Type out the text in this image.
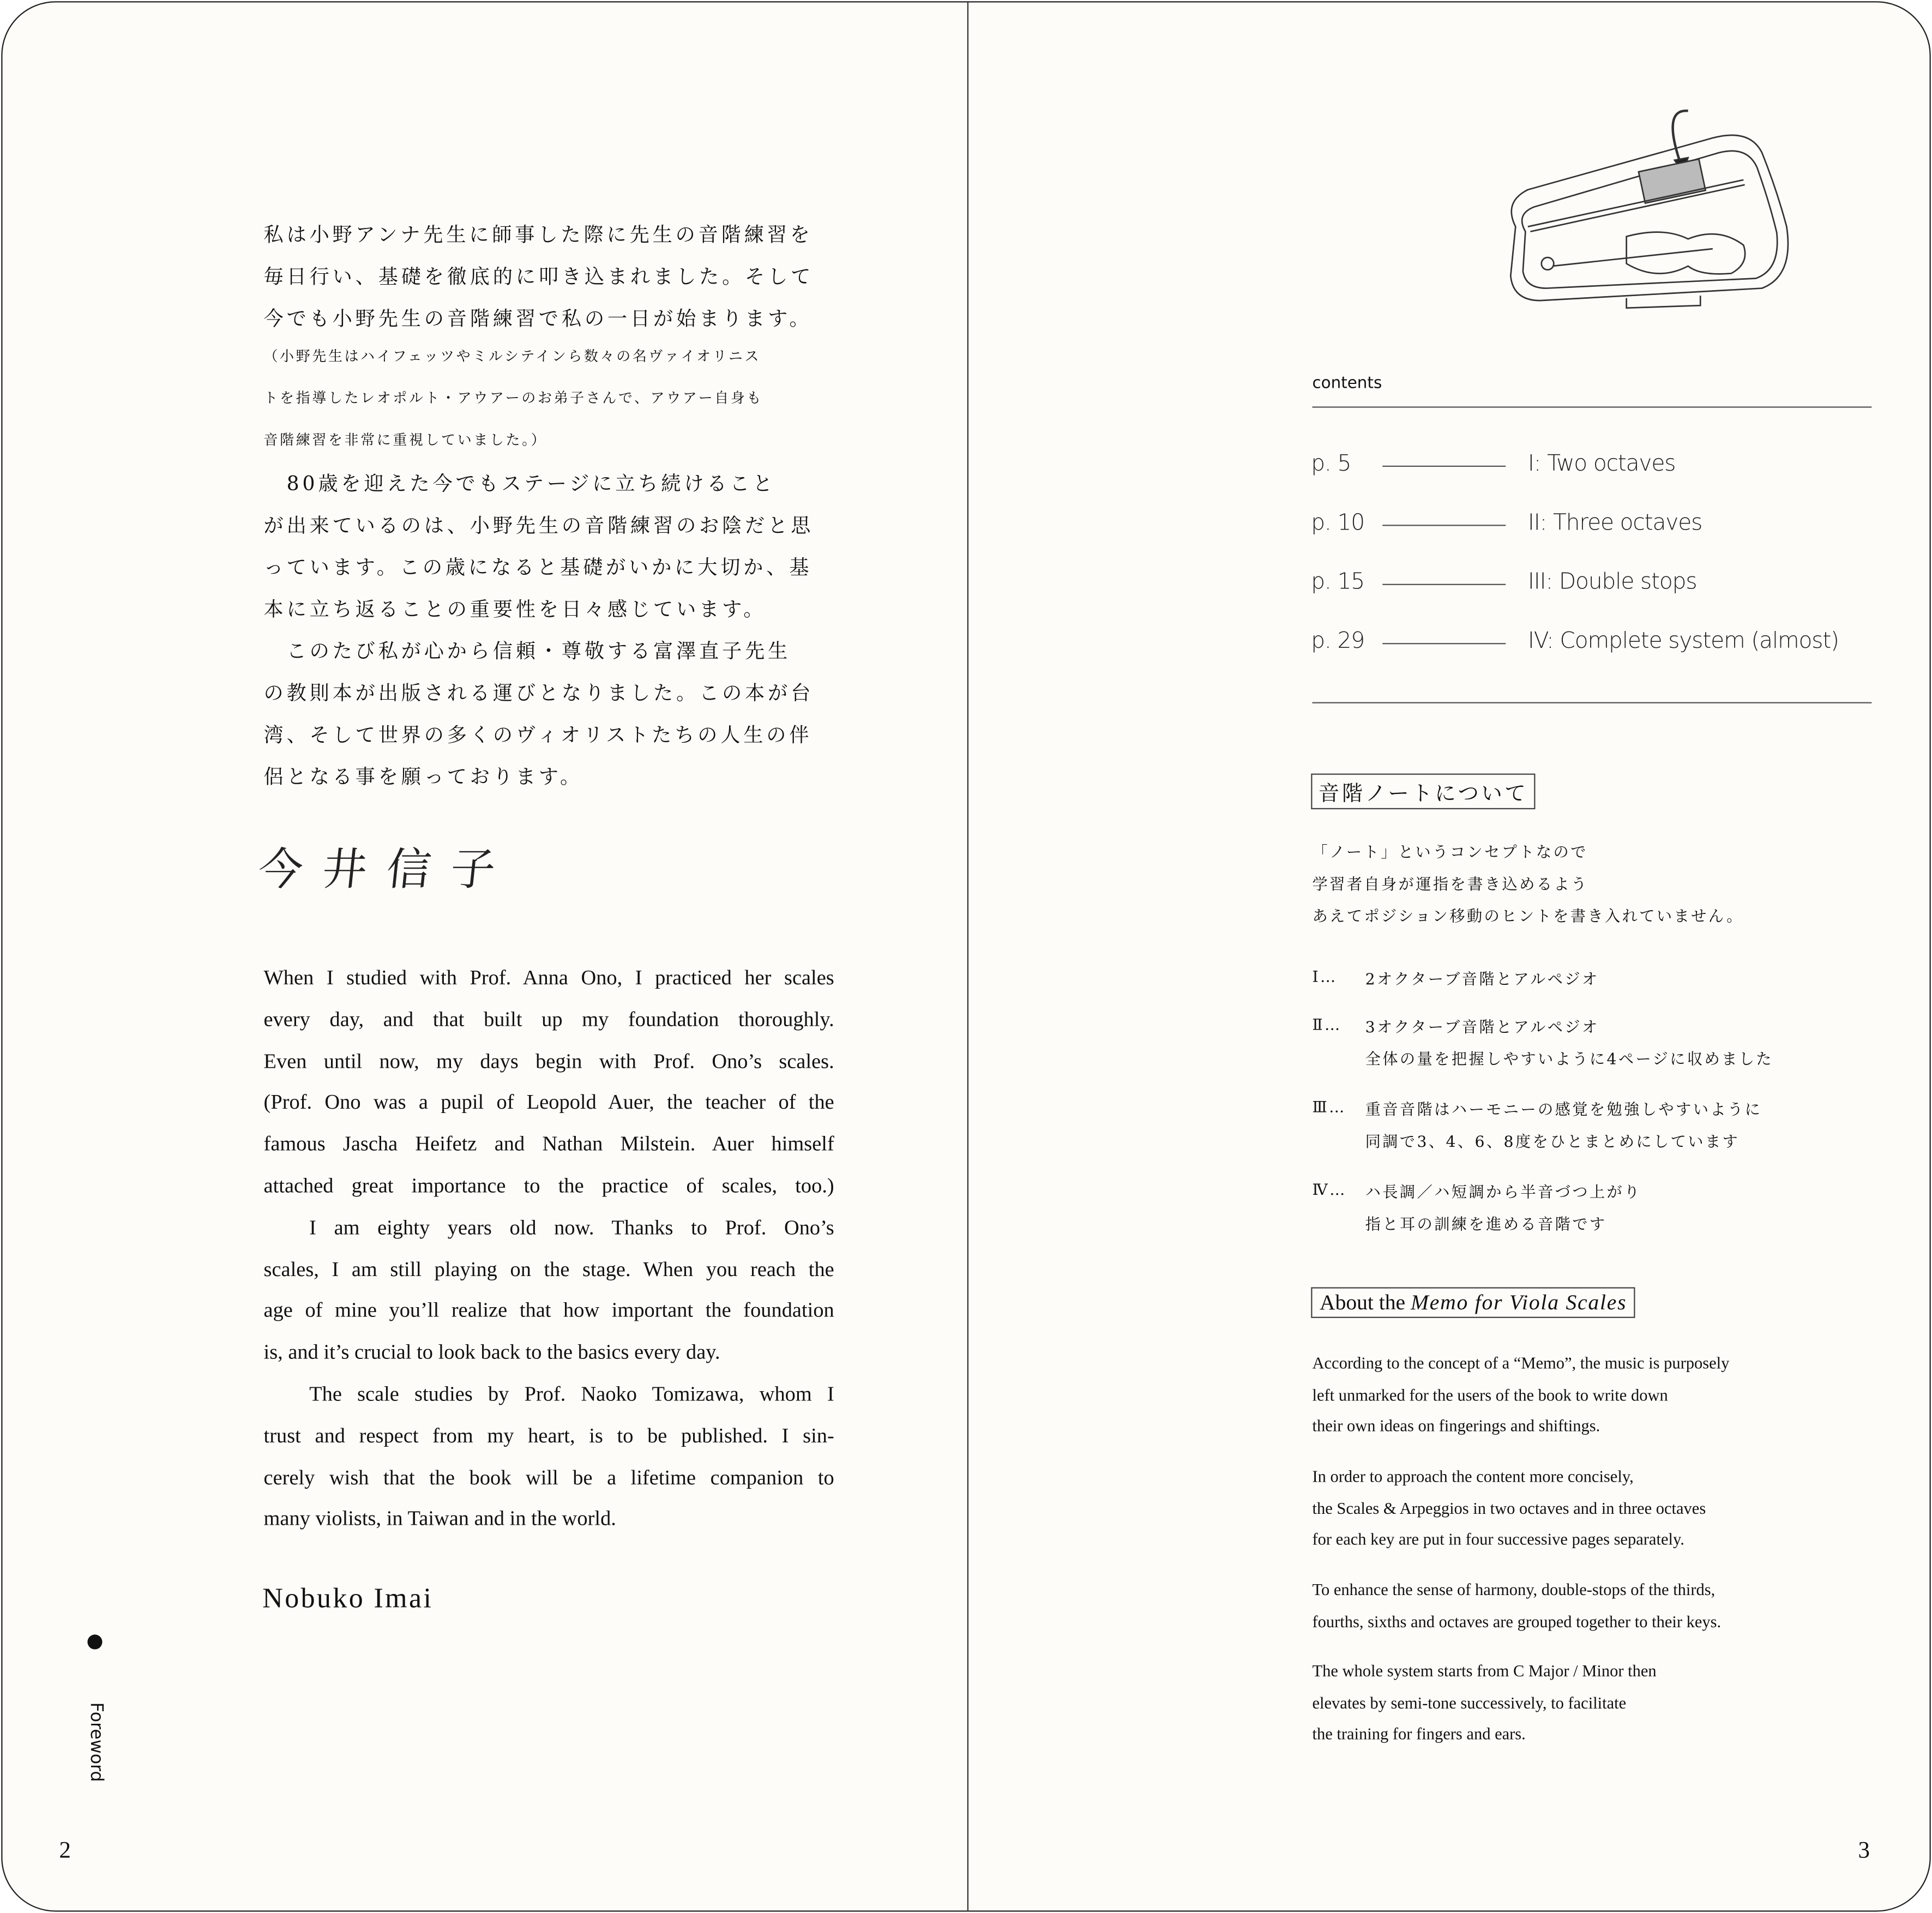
私は小野アンナ先生に師事した際に先生の音階練習を
毎日行い、基礎を徹底的に叩き込まれました。そして
今でも小野先生の音階練習で私の一日が始まります。
（小野先生はハイフェッツやミルシテインら数々の名ヴァイオリニス
トを指導したレオポルト・アウアーのお弟子さんで、アウアー自身も
音階練習を非常に重視していました。）
　80歳を迎えた今でもステージに立ち続けること
が出来ているのは、小野先生の音階練習のお陰だと思
っています。この歳になると基礎がいかに大切か、基
本に立ち返ることの重要性を日々感じています。
　このたび私が心から信頼・尊敬する富澤直子先生
の教則本が出版される運びとなりました。この本が台
湾、そして世界の多くのヴィオリストたちの人生の伴
侶となる事を願っております。
When I studied with Prof. Anna Ono, I practiced her scales
every day, and that built up my foundation thoroughly.
Even until now, my days begin with Prof. Ono’s scales.
(Prof. Ono was a pupil of Leopold Auer, the teacher of the
famous Jascha Heifetz and Nathan Milstein. Auer himself
attached great importance to the practice of scales, too.)
I am eighty years old now. Thanks to Prof. Ono’s
scales, I am still playing on the stage. When you reach the
age of mine you’ll realize that how important the foundation
is, and it’s crucial to look back to the basics every day.
The scale studies by Prof. Naoko Tomizawa, whom I
trust and respect from my heart, is to be published. I sin-
cerely wish that the book will be a lifetime companion to
many violists, in Taiwan and in the world.
Nobuko Imai
Foreword
2
contents
p. 5	I: Two octaves
p. 10	II: Three octaves
p. 15	III: Double stops
p. 29	IV: Complete system (almost)
音階ノートについて
「ノート」というコンセプトなので
学習者自身が運指を書き込めるよう
あえてポジション移動のヒントを書き入れていません。
Ⅰ…	2オクターブ音階とアルペジオ
Ⅱ…	3オクターブ音階とアルペジオ
全体の量を把握しやすいように4ページに収めました
Ⅲ…	重音音階はハーモニーの感覚を勉強しやすいように
同調で3、4、6、8度をひとまとめにしています
Ⅳ…	ハ長調／ハ短調から半音づつ上がり
指と耳の訓練を進める音階です
About the Memo for Viola Scales
According to the concept of a “Memo”, the music is purposely
left unmarked for the users of the book to write down
their own ideas on fingerings and shiftings.
In order to approach the content more concisely,
the Scales & Arpeggios in two octaves and in three octaves
for each key are put in four successive pages separately.
To enhance the sense of harmony, double-stops of the thirds,
fourths, sixths and octaves are grouped together to their keys.
The whole system starts from C Major / Minor then
elevates by semi-tone successively, to facilitate
the training for fingers and ears.
3
今井信子
